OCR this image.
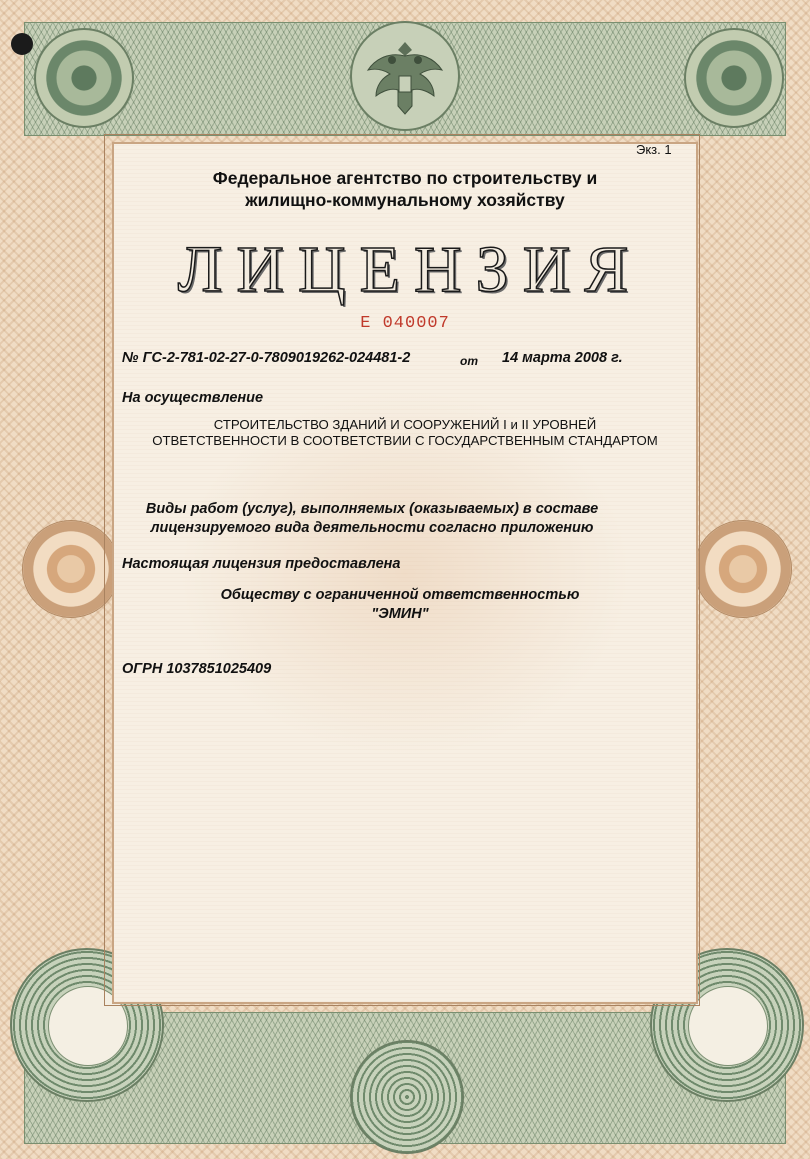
Экз. 1
Федеральное агентство по строительству и
жилищно-коммунальному хозяйству
ЛИЦЕНЗИЯ
Е 040007
№ ГС-2-781-02-27-0-7809019262-024481-2	от 14 марта 2008 г.
На осуществление
СТРОИТЕЛЬСТВО ЗДАНИЙ И СООРУЖЕНИЙ I и II УРОВНЕЙ
ОТВЕТСТВЕННОСТИ В СООТВЕТСТВИИ С ГОСУДАРСТВЕННЫМ СТАНДАРТОМ
Виды работ (услуг), выполняемых (оказываемых) в составе
лицензируемого вида деятельности согласно приложению
Настоящая лицензия предоставлена
Обществу с ограниченной ответственностью
"ЭМИН"
ОГРН 1037851025409
